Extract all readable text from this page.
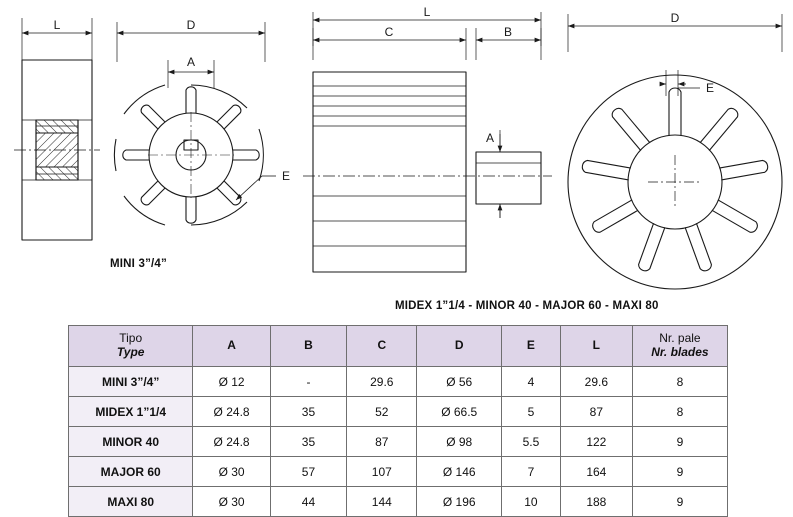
L	D
A
E
L
C	B
A
D
E
MINI 3”/4”
MIDEX 1”1/4 - MINOR 40 - MAJOR 60 - MAXI 80
Tipo
Type	A	B	C	D	E	L	Nr. pale
Nr. blades

MINI 3”/4”	Ø 12	-	29.6	Ø 56	4	29.6	8
MIDEX 1”1/4	Ø 24.8	35	52	Ø 66.5	5	87	8
MINOR 40	Ø 24.8	35	87	Ø 98	5.5	122	9
MAJOR 60	Ø 30	57	107	Ø 146	7	164	9
MAXI 80	Ø 30	44	144	Ø 196	10	188	9
